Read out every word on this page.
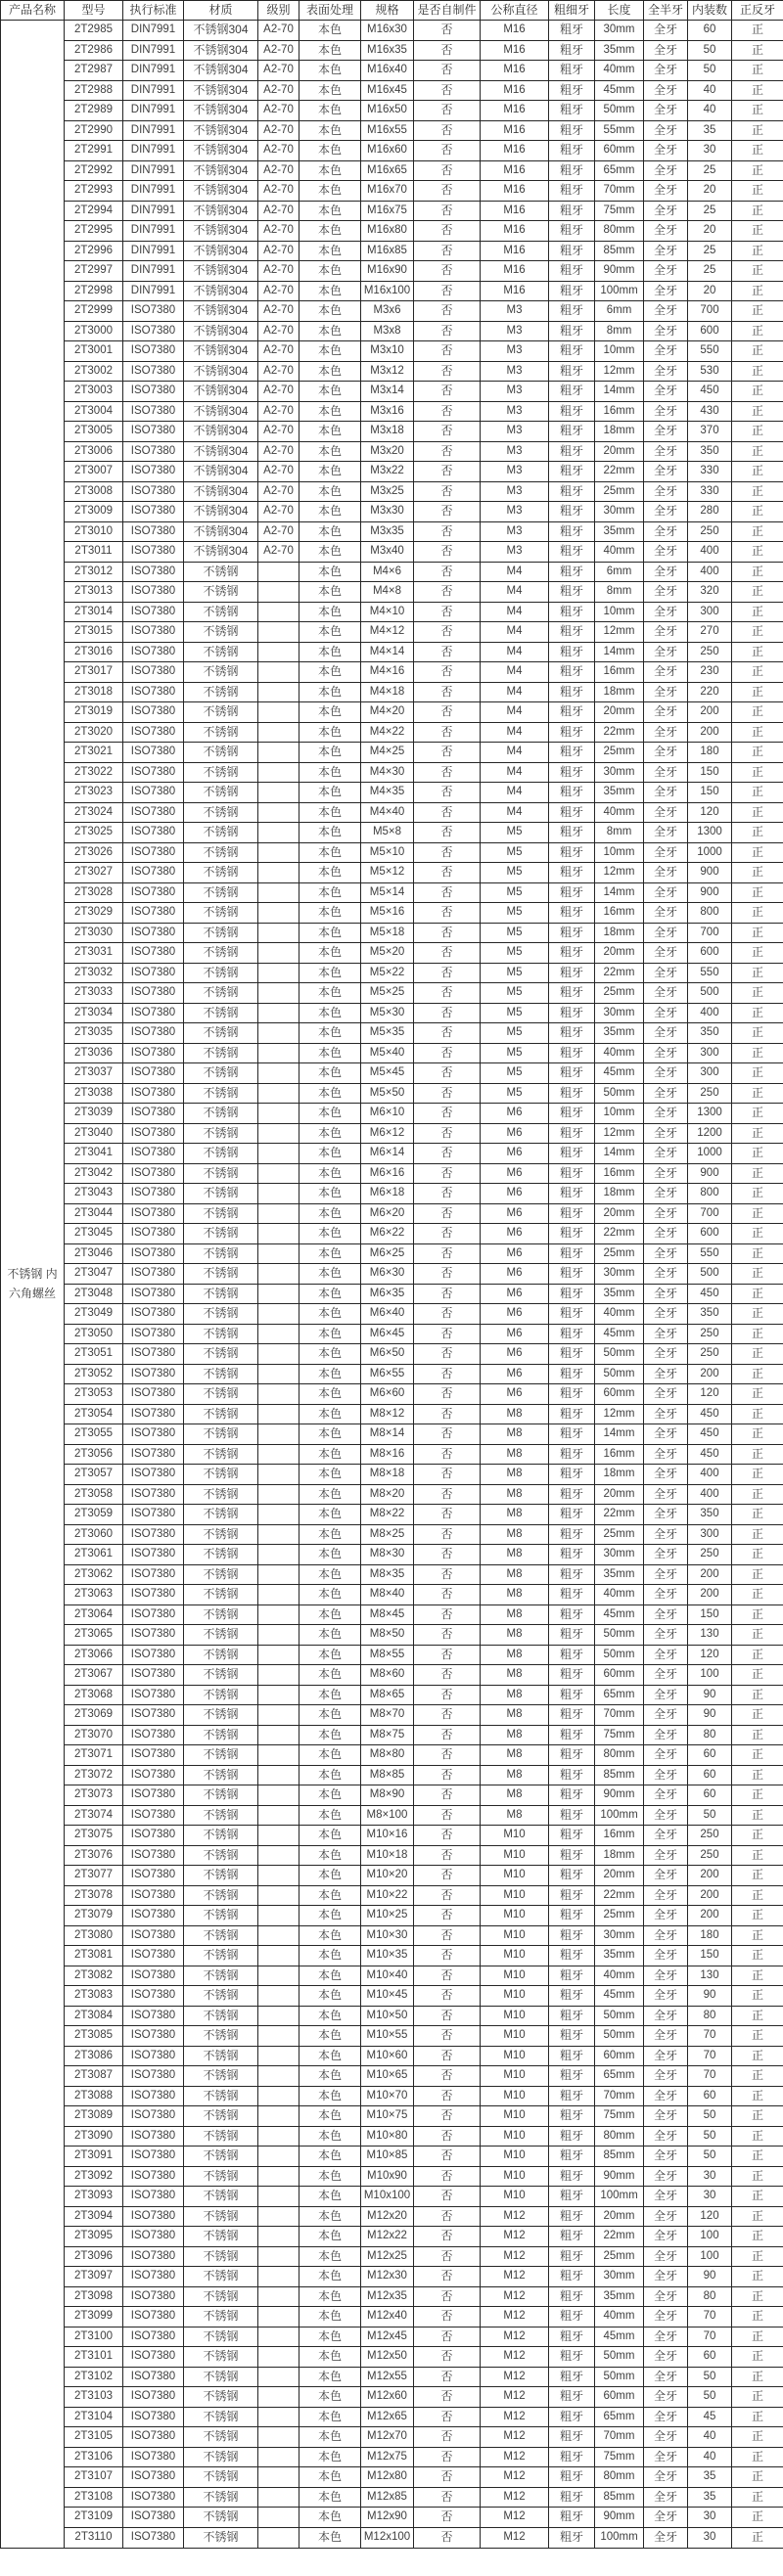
产品名称	型号	执行标准	材质	级别	表面处理	规格	是否自制件	公称直径	粗细牙	长度	全半牙	内装数	正反牙
不锈钢 内六角螺丝	2T2985	DIN7991	不锈钢304	A2-70	本色	M16x30	否	M16	粗牙	30mm	全牙	60	正
	2T2986	DIN7991	不锈钢304	A2-70	本色	M16x35	否	M16	粗牙	35mm	全牙	50	正
	2T2987	DIN7991	不锈钢304	A2-70	本色	M16x40	否	M16	粗牙	40mm	全牙	50	正
	2T2988	DIN7991	不锈钢304	A2-70	本色	M16x45	否	M16	粗牙	45mm	全牙	40	正
	2T2989	DIN7991	不锈钢304	A2-70	本色	M16x50	否	M16	粗牙	50mm	全牙	40	正
	2T2990	DIN7991	不锈钢304	A2-70	本色	M16x55	否	M16	粗牙	55mm	全牙	35	正
	2T2991	DIN7991	不锈钢304	A2-70	本色	M16x60	否	M16	粗牙	60mm	全牙	30	正
	2T2992	DIN7991	不锈钢304	A2-70	本色	M16x65	否	M16	粗牙	65mm	全牙	25	正
	2T2993	DIN7991	不锈钢304	A2-70	本色	M16x70	否	M16	粗牙	70mm	全牙	20	正
	2T2994	DIN7991	不锈钢304	A2-70	本色	M16x75	否	M16	粗牙	75mm	全牙	25	正
	2T2995	DIN7991	不锈钢304	A2-70	本色	M16x80	否	M16	粗牙	80mm	全牙	20	正
	2T2996	DIN7991	不锈钢304	A2-70	本色	M16x85	否	M16	粗牙	85mm	全牙	25	正
	2T2997	DIN7991	不锈钢304	A2-70	本色	M16x90	否	M16	粗牙	90mm	全牙	25	正
	2T2998	DIN7991	不锈钢304	A2-70	本色	M16x100	否	M16	粗牙	100mm	全牙	20	正
	2T2999	ISO7380	不锈钢304	A2-70	本色	M3x6	否	M3	粗牙	6mm	全牙	700	正
	2T3000	ISO7380	不锈钢304	A2-70	本色	M3x8	否	M3	粗牙	8mm	全牙	600	正
	2T3001	ISO7380	不锈钢304	A2-70	本色	M3x10	否	M3	粗牙	10mm	全牙	550	正
	2T3002	ISO7380	不锈钢304	A2-70	本色	M3x12	否	M3	粗牙	12mm	全牙	530	正
	2T3003	ISO7380	不锈钢304	A2-70	本色	M3x14	否	M3	粗牙	14mm	全牙	450	正
	2T3004	ISO7380	不锈钢304	A2-70	本色	M3x16	否	M3	粗牙	16mm	全牙	430	正
	2T3005	ISO7380	不锈钢304	A2-70	本色	M3x18	否	M3	粗牙	18mm	全牙	370	正
	2T3006	ISO7380	不锈钢304	A2-70	本色	M3x20	否	M3	粗牙	20mm	全牙	350	正
	2T3007	ISO7380	不锈钢304	A2-70	本色	M3x22	否	M3	粗牙	22mm	全牙	330	正
	2T3008	ISO7380	不锈钢304	A2-70	本色	M3x25	否	M3	粗牙	25mm	全牙	330	正
	2T3009	ISO7380	不锈钢304	A2-70	本色	M3x30	否	M3	粗牙	30mm	全牙	280	正
	2T3010	ISO7380	不锈钢304	A2-70	本色	M3x35	否	M3	粗牙	35mm	全牙	250	正
	2T3011	ISO7380	不锈钢304	A2-70	本色	M3x40	否	M3	粗牙	40mm	全牙	400	正
	2T3012	ISO7380	不锈钢		本色	M4×6	否	M4	粗牙	6mm	全牙	400	正
	2T3013	ISO7380	不锈钢		本色	M4×8	否	M4	粗牙	8mm	全牙	320	正
	2T3014	ISO7380	不锈钢		本色	M4×10	否	M4	粗牙	10mm	全牙	300	正
	2T3015	ISO7380	不锈钢		本色	M4×12	否	M4	粗牙	12mm	全牙	270	正
	2T3016	ISO7380	不锈钢		本色	M4×14	否	M4	粗牙	14mm	全牙	250	正
	2T3017	ISO7380	不锈钢		本色	M4×16	否	M4	粗牙	16mm	全牙	230	正
	2T3018	ISO7380	不锈钢		本色	M4×18	否	M4	粗牙	18mm	全牙	220	正
	2T3019	ISO7380	不锈钢		本色	M4×20	否	M4	粗牙	20mm	全牙	200	正
	2T3020	ISO7380	不锈钢		本色	M4×22	否	M4	粗牙	22mm	全牙	200	正
	2T3021	ISO7380	不锈钢		本色	M4×25	否	M4	粗牙	25mm	全牙	180	正
	2T3022	ISO7380	不锈钢		本色	M4×30	否	M4	粗牙	30mm	全牙	150	正
	2T3023	ISO7380	不锈钢		本色	M4×35	否	M4	粗牙	35mm	全牙	150	正
	2T3024	ISO7380	不锈钢		本色	M4×40	否	M4	粗牙	40mm	全牙	120	正
	2T3025	ISO7380	不锈钢		本色	M5×8	否	M5	粗牙	8mm	全牙	1300	正
	2T3026	ISO7380	不锈钢		本色	M5×10	否	M5	粗牙	10mm	全牙	1000	正
	2T3027	ISO7380	不锈钢		本色	M5×12	否	M5	粗牙	12mm	全牙	900	正
	2T3028	ISO7380	不锈钢		本色	M5×14	否	M5	粗牙	14mm	全牙	900	正
	2T3029	ISO7380	不锈钢		本色	M5×16	否	M5	粗牙	16mm	全牙	800	正
	2T3030	ISO7380	不锈钢		本色	M5×18	否	M5	粗牙	18mm	全牙	700	正
	2T3031	ISO7380	不锈钢		本色	M5×20	否	M5	粗牙	20mm	全牙	600	正
	2T3032	ISO7380	不锈钢		本色	M5×22	否	M5	粗牙	22mm	全牙	550	正
	2T3033	ISO7380	不锈钢		本色	M5×25	否	M5	粗牙	25mm	全牙	500	正
	2T3034	ISO7380	不锈钢		本色	M5×30	否	M5	粗牙	30mm	全牙	400	正
	2T3035	ISO7380	不锈钢		本色	M5×35	否	M5	粗牙	35mm	全牙	350	正
	2T3036	ISO7380	不锈钢		本色	M5×40	否	M5	粗牙	40mm	全牙	300	正
	2T3037	ISO7380	不锈钢		本色	M5×45	否	M5	粗牙	45mm	全牙	300	正
	2T3038	ISO7380	不锈钢		本色	M5×50	否	M5	粗牙	50mm	全牙	250	正
	2T3039	ISO7380	不锈钢		本色	M6×10	否	M6	粗牙	10mm	全牙	1300	正
	2T3040	ISO7380	不锈钢		本色	M6×12	否	M6	粗牙	12mm	全牙	1200	正
	2T3041	ISO7380	不锈钢		本色	M6×14	否	M6	粗牙	14mm	全牙	1000	正
	2T3042	ISO7380	不锈钢		本色	M6×16	否	M6	粗牙	16mm	全牙	900	正
	2T3043	ISO7380	不锈钢		本色	M6×18	否	M6	粗牙	18mm	全牙	800	正
	2T3044	ISO7380	不锈钢		本色	M6×20	否	M6	粗牙	20mm	全牙	700	正
	2T3045	ISO7380	不锈钢		本色	M6×22	否	M6	粗牙	22mm	全牙	600	正
	2T3046	ISO7380	不锈钢		本色	M6×25	否	M6	粗牙	25mm	全牙	550	正
	2T3047	ISO7380	不锈钢		本色	M6×30	否	M6	粗牙	30mm	全牙	500	正
	2T3048	ISO7380	不锈钢		本色	M6×35	否	M6	粗牙	35mm	全牙	450	正
	2T3049	ISO7380	不锈钢		本色	M6×40	否	M6	粗牙	40mm	全牙	350	正
	2T3050	ISO7380	不锈钢		本色	M6×45	否	M6	粗牙	45mm	全牙	250	正
	2T3051	ISO7380	不锈钢		本色	M6×50	否	M6	粗牙	50mm	全牙	250	正
	2T3052	ISO7380	不锈钢		本色	M6×55	否	M6	粗牙	50mm	全牙	200	正
	2T3053	ISO7380	不锈钢		本色	M6×60	否	M6	粗牙	60mm	全牙	120	正
	2T3054	ISO7380	不锈钢		本色	M8×12	否	M8	粗牙	12mm	全牙	450	正
	2T3055	ISO7380	不锈钢		本色	M8×14	否	M8	粗牙	14mm	全牙	450	正
	2T3056	ISO7380	不锈钢		本色	M8×16	否	M8	粗牙	16mm	全牙	450	正
	2T3057	ISO7380	不锈钢		本色	M8×18	否	M8	粗牙	18mm	全牙	400	正
	2T3058	ISO7380	不锈钢		本色	M8×20	否	M8	粗牙	20mm	全牙	400	正
	2T3059	ISO7380	不锈钢		本色	M8×22	否	M8	粗牙	22mm	全牙	350	正
	2T3060	ISO7380	不锈钢		本色	M8×25	否	M8	粗牙	25mm	全牙	300	正
	2T3061	ISO7380	不锈钢		本色	M8×30	否	M8	粗牙	30mm	全牙	250	正
	2T3062	ISO7380	不锈钢		本色	M8×35	否	M8	粗牙	35mm	全牙	200	正
	2T3063	ISO7380	不锈钢		本色	M8×40	否	M8	粗牙	40mm	全牙	200	正
	2T3064	ISO7380	不锈钢		本色	M8×45	否	M8	粗牙	45mm	全牙	150	正
	2T3065	ISO7380	不锈钢		本色	M8×50	否	M8	粗牙	50mm	全牙	130	正
	2T3066	ISO7380	不锈钢		本色	M8×55	否	M8	粗牙	50mm	全牙	120	正
	2T3067	ISO7380	不锈钢		本色	M8×60	否	M8	粗牙	60mm	全牙	100	正
	2T3068	ISO7380	不锈钢		本色	M8×65	否	M8	粗牙	65mm	全牙	90	正
	2T3069	ISO7380	不锈钢		本色	M8×70	否	M8	粗牙	70mm	全牙	90	正
	2T3070	ISO7380	不锈钢		本色	M8×75	否	M8	粗牙	75mm	全牙	80	正
	2T3071	ISO7380	不锈钢		本色	M8×80	否	M8	粗牙	80mm	全牙	60	正
	2T3072	ISO7380	不锈钢		本色	M8×85	否	M8	粗牙	85mm	全牙	60	正
	2T3073	ISO7380	不锈钢		本色	M8×90	否	M8	粗牙	90mm	全牙	60	正
	2T3074	ISO7380	不锈钢		本色	M8×100	否	M8	粗牙	100mm	全牙	50	正
	2T3075	ISO7380	不锈钢		本色	M10×16	否	M10	粗牙	16mm	全牙	250	正
	2T3076	ISO7380	不锈钢		本色	M10×18	否	M10	粗牙	18mm	全牙	250	正
	2T3077	ISO7380	不锈钢		本色	M10×20	否	M10	粗牙	20mm	全牙	200	正
	2T3078	ISO7380	不锈钢		本色	M10×22	否	M10	粗牙	22mm	全牙	200	正
	2T3079	ISO7380	不锈钢		本色	M10×25	否	M10	粗牙	25mm	全牙	200	正
	2T3080	ISO7380	不锈钢		本色	M10×30	否	M10	粗牙	30mm	全牙	180	正
	2T3081	ISO7380	不锈钢		本色	M10×35	否	M10	粗牙	35mm	全牙	150	正
	2T3082	ISO7380	不锈钢		本色	M10×40	否	M10	粗牙	40mm	全牙	130	正
	2T3083	ISO7380	不锈钢		本色	M10×45	否	M10	粗牙	45mm	全牙	90	正
	2T3084	ISO7380	不锈钢		本色	M10×50	否	M10	粗牙	50mm	全牙	80	正
	2T3085	ISO7380	不锈钢		本色	M10×55	否	M10	粗牙	50mm	全牙	70	正
	2T3086	ISO7380	不锈钢		本色	M10×60	否	M10	粗牙	60mm	全牙	70	正
	2T3087	ISO7380	不锈钢		本色	M10×65	否	M10	粗牙	65mm	全牙	70	正
	2T3088	ISO7380	不锈钢		本色	M10×70	否	M10	粗牙	70mm	全牙	60	正
	2T3089	ISO7380	不锈钢		本色	M10×75	否	M10	粗牙	75mm	全牙	50	正
	2T3090	ISO7380	不锈钢		本色	M10×80	否	M10	粗牙	80mm	全牙	50	正
	2T3091	ISO7380	不锈钢		本色	M10×85	否	M10	粗牙	85mm	全牙	50	正
	2T3092	ISO7380	不锈钢		本色	M10x90	否	M10	粗牙	90mm	全牙	30	正
	2T3093	ISO7380	不锈钢		本色	M10x100	否	M10	粗牙	100mm	全牙	30	正
	2T3094	ISO7380	不锈钢		本色	M12x20	否	M12	粗牙	20mm	全牙	120	正
	2T3095	ISO7380	不锈钢		本色	M12x22	否	M12	粗牙	22mm	全牙	100	正
	2T3096	ISO7380	不锈钢		本色	M12x25	否	M12	粗牙	25mm	全牙	100	正
	2T3097	ISO7380	不锈钢		本色	M12x30	否	M12	粗牙	30mm	全牙	90	正
	2T3098	ISO7380	不锈钢		本色	M12x35	否	M12	粗牙	35mm	全牙	80	正
	2T3099	ISO7380	不锈钢		本色	M12x40	否	M12	粗牙	40mm	全牙	70	正
	2T3100	ISO7380	不锈钢		本色	M12x45	否	M12	粗牙	45mm	全牙	70	正
	2T3101	ISO7380	不锈钢		本色	M12x50	否	M12	粗牙	50mm	全牙	60	正
	2T3102	ISO7380	不锈钢		本色	M12x55	否	M12	粗牙	50mm	全牙	50	正
	2T3103	ISO7380	不锈钢		本色	M12x60	否	M12	粗牙	60mm	全牙	50	正
	2T3104	ISO7380	不锈钢		本色	M12x65	否	M12	粗牙	65mm	全牙	45	正
	2T3105	ISO7380	不锈钢		本色	M12x70	否	M12	粗牙	70mm	全牙	40	正
	2T3106	ISO7380	不锈钢		本色	M12x75	否	M12	粗牙	75mm	全牙	40	正
	2T3107	ISO7380	不锈钢		本色	M12x80	否	M12	粗牙	80mm	全牙	35	正
	2T3108	ISO7380	不锈钢		本色	M12x85	否	M12	粗牙	85mm	全牙	35	正
	2T3109	ISO7380	不锈钢		本色	M12x90	否	M12	粗牙	90mm	全牙	30	正
	2T3110	ISO7380	不锈钢		本色	M12x100	否	M12	粗牙	100mm	全牙	30	正
